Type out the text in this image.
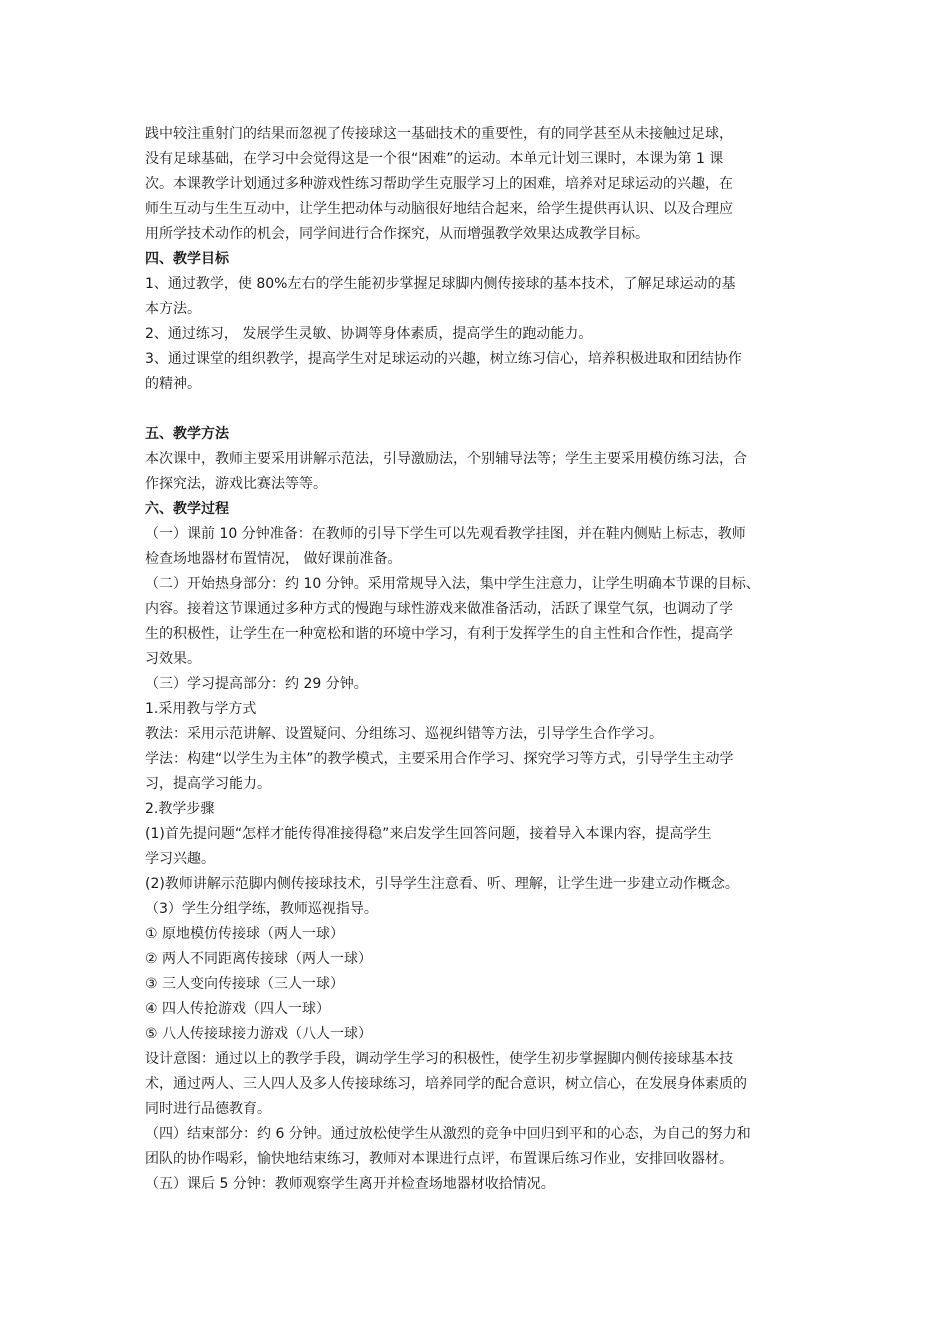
践中较注重射门的结果而忽视了传接球这一基础技术的重要性，有的同学甚至从未接触过足球，
没有足球基础，在学习中会觉得这是一个很“困难”的运动。本单元计划三课时，本课为第 1 课
次。本课教学计划通过多种游戏性练习帮助学生克服学习上的困难，培养对足球运动的兴趣，在
师生互动与生生互动中，让学生把动体与动脑很好地结合起来，给学生提供再认识、以及合理应
用所学技术动作的机会，同学间进行合作探究，从而增强教学效果达成教学目标。
四、教学目标
1、通过教学，使 80%左右的学生能初步掌握足球脚内侧传接球的基本技术，了解足球运动的基
本方法。
2、通过练习， 发展学生灵敏、协调等身体素质，提高学生的跑动能力。
3、通过课堂的组织教学，提高学生对足球运动的兴趣，树立练习信心，培养积极进取和团结协作
的精神。
五、教学方法
本次课中，教师主要采用讲解示范法，引导激励法，个别辅导法等；学生主要采用模仿练习法，合
作探究法，游戏比赛法等等。
六、教学过程
（一）课前 10 分钟准备：在教师的引导下学生可以先观看教学挂图，并在鞋内侧贴上标志，教师
检查场地器材布置情况， 做好课前准备。
（二）开始热身部分：约 10 分钟。采用常规导入法，集中学生注意力，让学生明确本节课的目标、
内容。接着这节课通过多种方式的慢跑与球性游戏来做准备活动，活跃了课堂气氛，也调动了学
生的积极性，让学生在一种宽松和谐的环境中学习，有利于发挥学生的自主性和合作性，提高学
习效果。
（三）学习提高部分：约 29 分钟。
1.采用教与学方式
教法：采用示范讲解、设置疑问、分组练习、巡视纠错等方法，引导学生合作学习。
学法：构建“以学生为主体”的教学模式，主要采用合作学习、探究学习等方式，引导学生主动学
习，提高学习能力。
2.教学步骤
(1)首先提问题“怎样才能传得准接得稳”来启发学生回答问题，接着导入本课内容，提高学生
学习兴趣。
(2)教师讲解示范脚内侧传接球技术，引导学生注意看、听、理解，让学生进一步建立动作概念。
（3）学生分组学练，教师巡视指导。
① 原地模仿传接球（两人一球）
② 两人不同距离传接球（两人一球）
③ 三人变向传接球（三人一球）
④ 四人传抢游戏（四人一球）
⑤ 八人传接球接力游戏（八人一球）
设计意图：通过以上的教学手段，调动学生学习的积极性，使学生初步掌握脚内侧传接球基本技
术，通过两人、三人四人及多人传接球练习，培养同学的配合意识，树立信心，在发展身体素质的
同时进行品德教育。
（四）结束部分：约 6 分钟。通过放松使学生从激烈的竞争中回归到平和的心态，为自己的努力和
团队的协作喝彩，愉快地结束练习，教师对本课进行点评，布置课后练习作业，安排回收器材。
（五）课后 5 分钟：教师观察学生离开并检查场地器材收拾情况。
